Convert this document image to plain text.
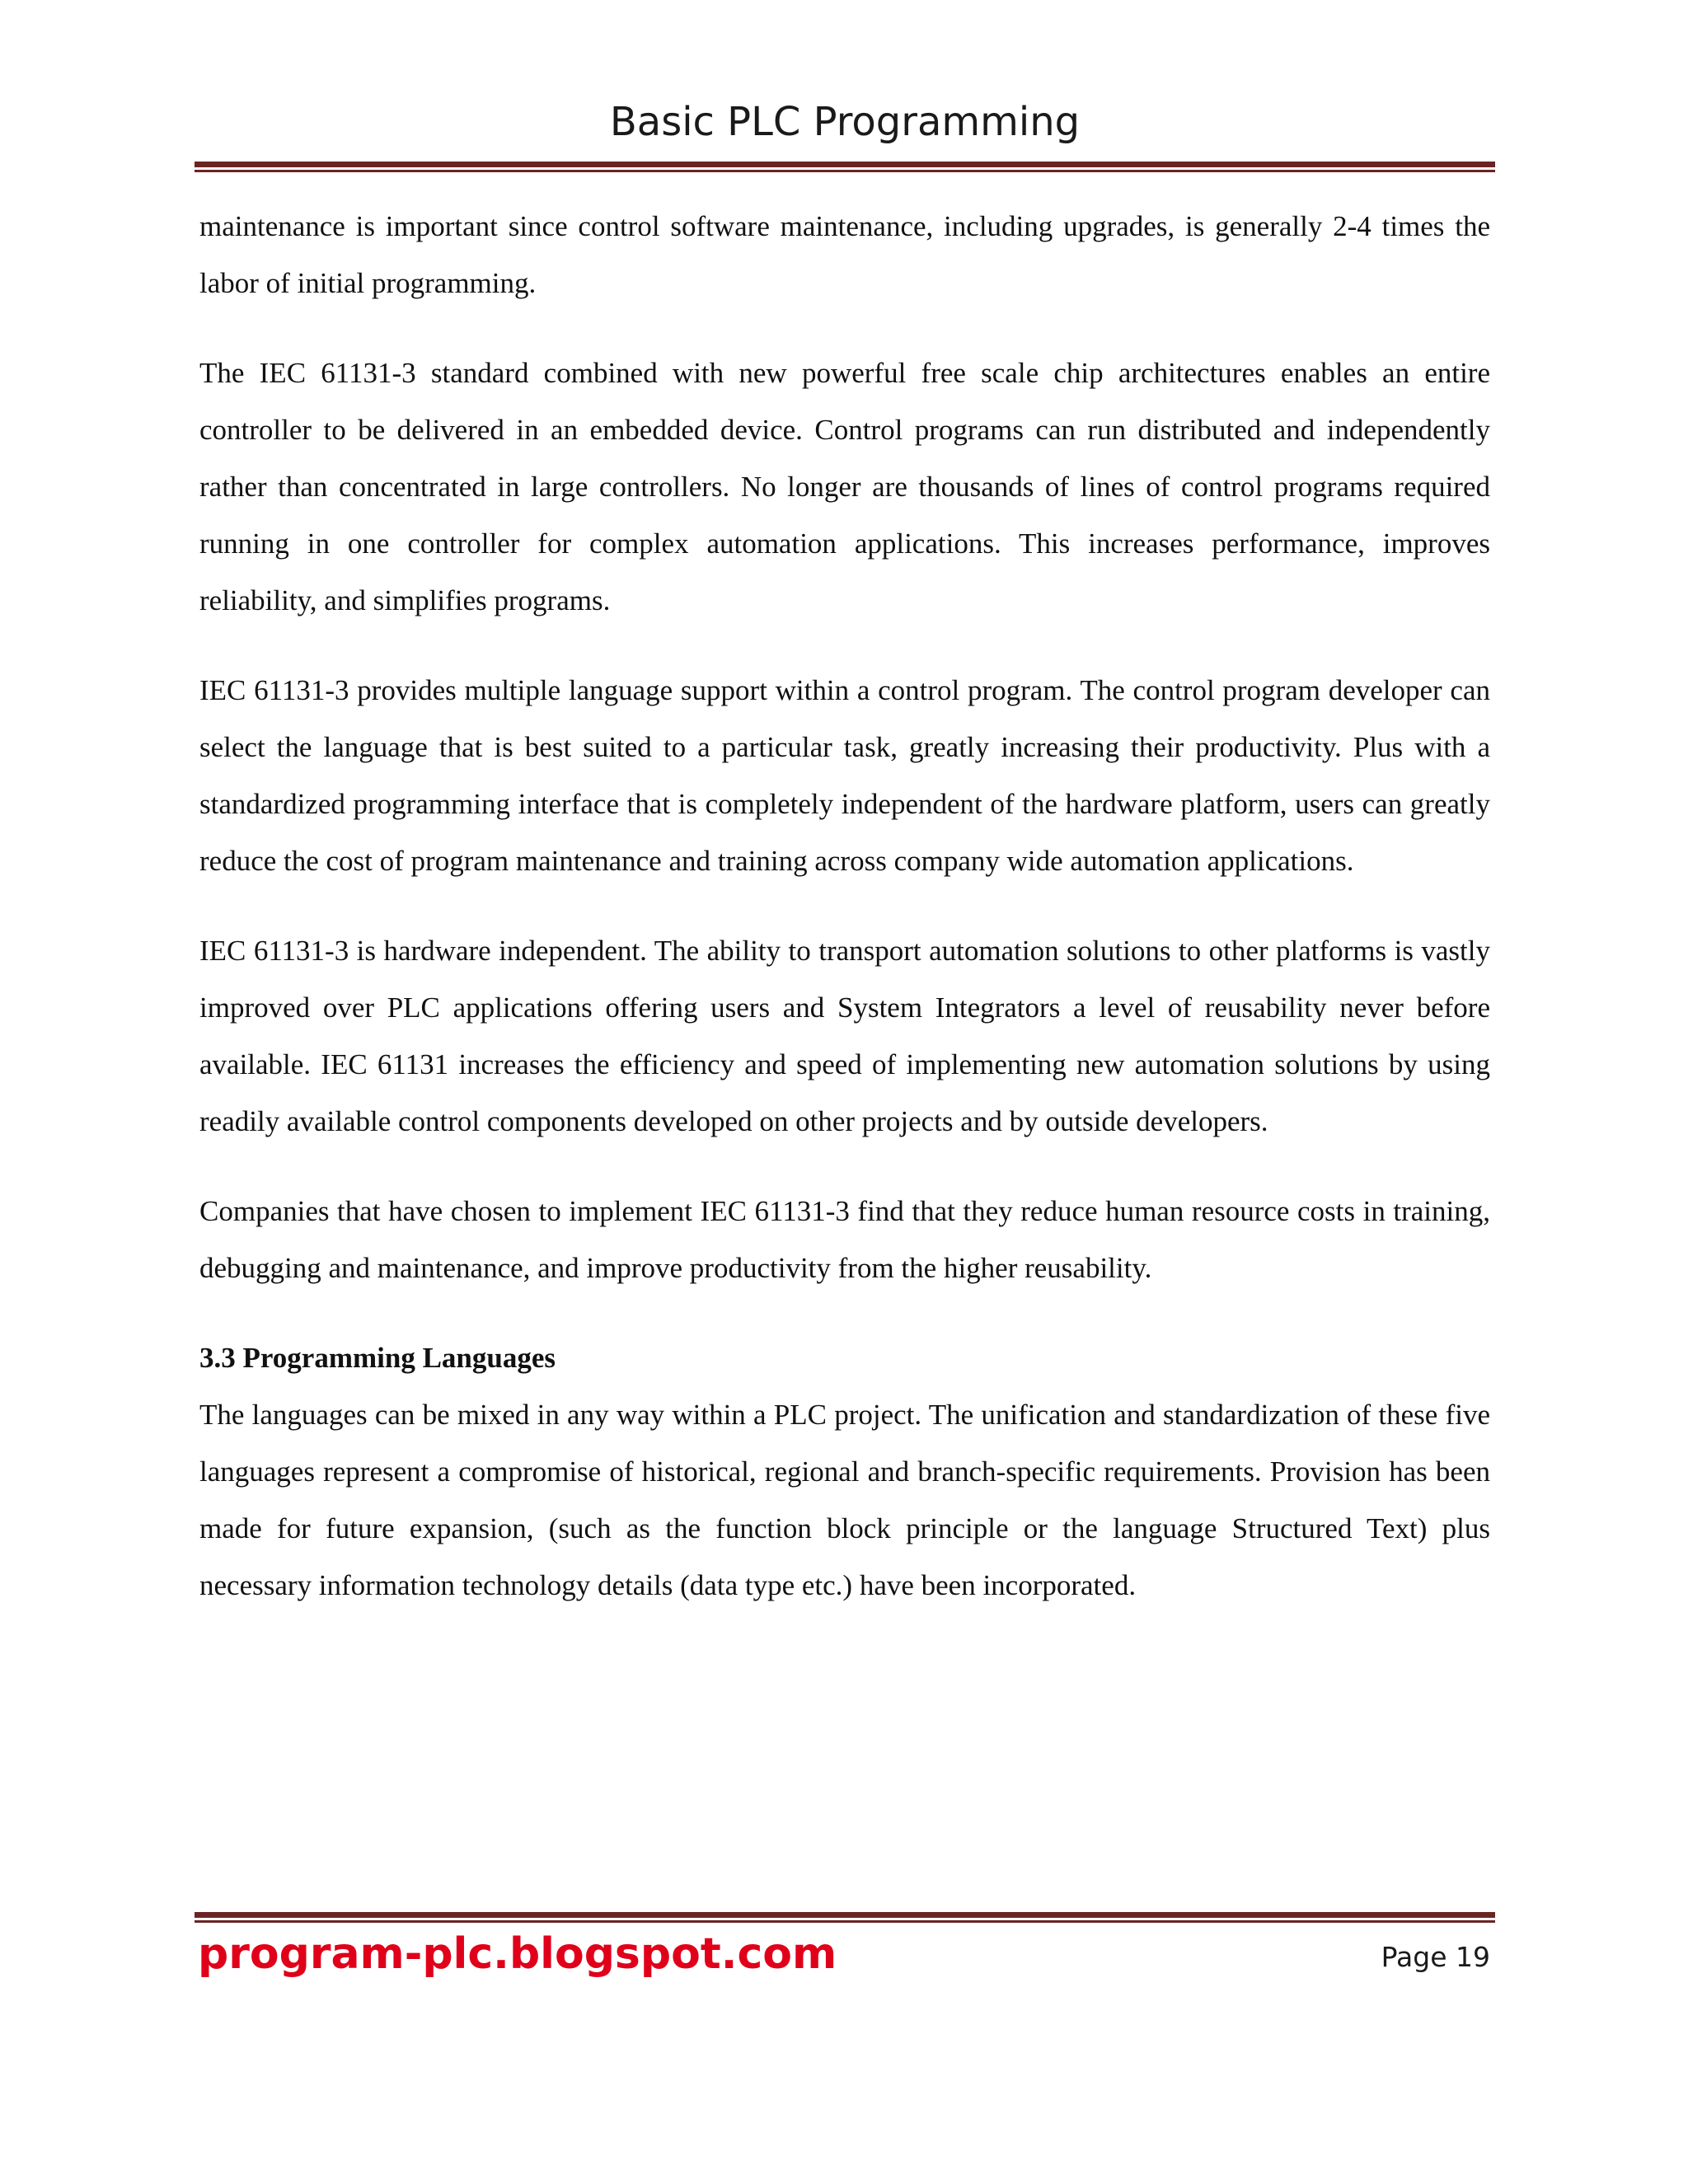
Basic PLC Programming

maintenance is important since control software maintenance, including upgrades, is generally 2-4 times the labor of initial programming.

The IEC 61131-3 standard combined with new powerful free scale chip architectures enables an entire controller to be delivered in an embedded device. Control programs can run distributed and independently rather than concentrated in large controllers. No longer are thousands of lines of control programs required running in one controller for complex automation applications. This increases performance, improves reliability, and simplifies programs.

IEC 61131-3 provides multiple language support within a control program. The control program developer can select the language that is best suited to a particular task, greatly increasing their productivity. Plus with a standardized programming interface that is completely independent of the hardware platform, users can greatly reduce the cost of program maintenance and training across company wide automation applications.

IEC 61131-3 is hardware independent. The ability to transport automation solutions to other platforms is vastly improved over PLC applications offering users and System Integrators a level of reusability never before available. IEC 61131 increases the efficiency and speed of implementing new automation solutions by using readily available control components developed on other projects and by outside developers.

Companies that have chosen to implement IEC 61131-3 find that they reduce human resource costs in training, debugging and maintenance, and improve productivity from the higher reusability.

3.3 Programming Languages

The languages can be mixed in any way within a PLC project. The unification and standardization of these five languages represent a compromise of historical, regional and branch-specific requirements. Provision has been made for future expansion, (such as the function block principle or the language Structured Text) plus necessary information technology details (data type etc.) have been incorporated.

program-plc.blogspot.com	Page 19
